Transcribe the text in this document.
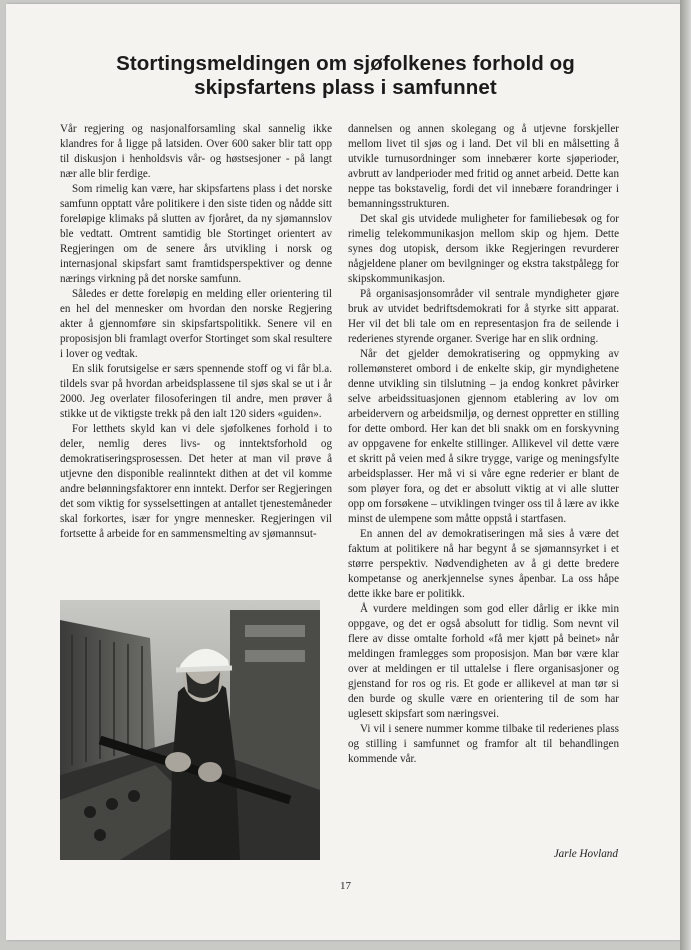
Stortingsmeldingen om sjøfolkenes forhold og
skipsfartens plass i samfunnet

Vår regjering og nasjonalforsamling skal sannelig ikke klandres for å ligge på latsiden. Over 600 saker blir tatt opp til diskusjon i henholdsvis vår- og høstsesjoner - på langt nær alle blir ferdige.

Som rimelig kan være, har skipsfartens plass i det norske samfunn opptatt våre politikere i den siste tiden og nådde sitt foreløpige klimaks på slutten av fjoråret, da ny sjømannslov ble vedtatt. Omtrent samtidig ble Stortinget orientert av Regjeringen om de senere års utvikling i norsk og internasjonal skipsfart samt framtidsperspektiver og denne nærings virkning på det norske samfunn.

Således er dette foreløpig en melding eller orientering til en hel del mennesker om hvordan den norske Regjering akter å gjennomføre sin skipsfartspolitikk. Senere vil en proposisjon bli framlagt overfor Stortinget som skal resultere i lover og vedtak.

En slik forutsigelse er særs spennende stoff og vi får bl.a. tildels svar på hvordan arbeidsplassene til sjøs skal se ut i år 2000. Jeg overlater filosoferingen til andre, men prøver å stikke ut de viktigste trekk på den ialt 120 siders «guiden».

For letthets skyld kan vi dele sjøfolkenes forhold i to deler, nemlig deres livs- og inntektsforhold og demokratiseringsprosessen. Det heter at man vil prøve å utjevne den disponible realinntekt dithen at det vil komme andre belønningsfaktorer enn inntekt. Derfor ser Regjeringen det som viktig for sysselsettingen at antallet tjenestemåneder skal forkortes, især for yngre mennesker. Regjeringen vil fortsette å arbeide for en sammensmelting av sjømannsut-

dannelsen og annen skolegang og å utjevne forskjeller mellom livet til sjøs og i land. Det vil bli en målsetting å utvikle turnusordninger som innebærer korte sjøperioder, avbrutt av landperioder med fritid og annet arbeid. Dette kan neppe tas bokstavelig, fordi det vil innebære forandringer i bemanningsstrukturen.

Det skal gis utvidede muligheter for familiebesøk og for rimelig telekommunikasjon mellom skip og hjem. Dette synes dog utopisk, dersom ikke Regjeringen revurderer någjeldene planer om bevilgninger og ekstra takstpålegg for skipskommunikasjon.

På organisasjonsområder vil sentrale myndigheter gjøre bruk av utvidet bedriftsdemokrati for å styrke sitt apparat. Her vil det bli tale om en representasjon fra de seilende i rederienes styrende organer. Sverige har en slik ordning.

Når det gjelder demokratisering og oppmyking av rollemønsteret ombord i de enkelte skip, gir myndighetene denne utvikling sin tilslutning – ja endog konkret påvirker selve arbeidssituasjonen gjennom etablering av lov om arbeidervern og arbeidsmiljø, og dernest oppretter en stilling for dette ombord. Her kan det bli snakk om en forskyvning av oppgavene for enkelte stillinger. Allikevel vil dette være et skritt på veien med å sikre trygge, varige og meningsfylte arbeidsplasser. Her må vi si våre egne rederier er blant de som pløyer fora, og det er absolutt viktig at vi alle slutter opp om forsøkene – utviklingen tvinger oss til å lære av ikke minst de ulempene som måtte oppstå i startfasen.

En annen del av demokratiseringen må sies å være det faktum at politikere nå har begynt å se sjømannsyrket i et større perspektiv. Nødvendigheten av å gi dette bredere kompetanse og anerkjennelse synes åpenbar. La oss håpe dette ikke bare er politikk.

Å vurdere meldingen som god eller dårlig er ikke min oppgave, og det er også absolutt for tidlig. Som nevnt vil flere av disse omtalte forhold «få mer kjøtt på beinet» når meldingen framlegges som proposisjon. Man bør være klar over at meldingen er til uttalelse i flere organisasjoner og gjenstand for ros og ris. Et gode er allikevel at man tør si den burde og skulle være en orientering til de som har uglesett skipsfart som næringsvei.

Vi vil i senere nummer komme tilbake til rederienes plass og stilling i samfunnet og framfor alt til behandlingen kommende vår.

Jarle Hovland
17
